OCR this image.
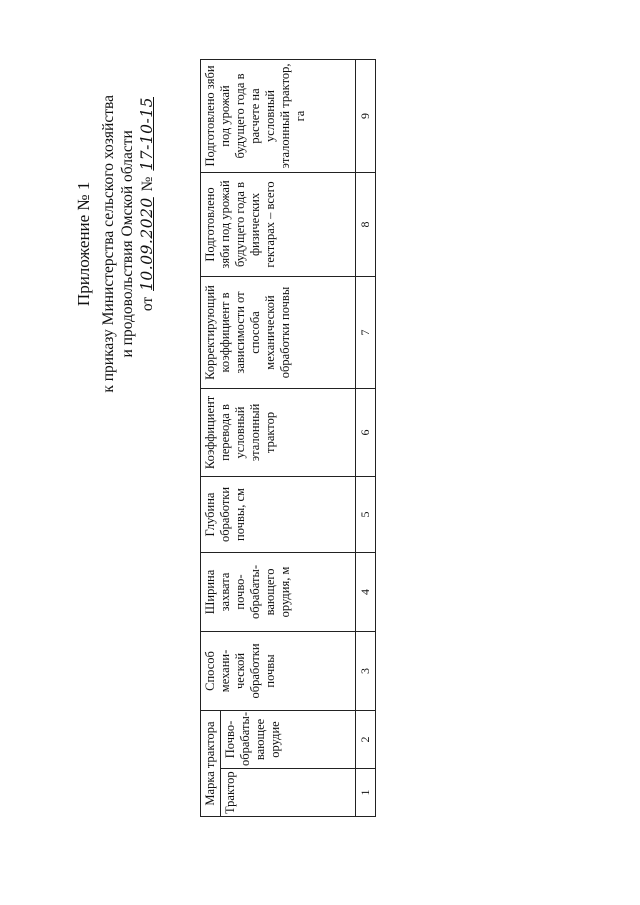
Приложение № 1 к приказу Министерства сельского хозяйства и продовольствия Омской области от 10.09.2020 № 17-10-15
Марка трактора		Способ механи-ческой обработки почвы	Ширина захвата почво-обрабаты-вающего орудия, м	Глубина обработки почвы, см	Коэффициент перевода в условный эталонный трактор	Корректирующий коэффициент в зависимости от способа механической обработки почвы	Подготовлено зяби под урожай будущего года в физических гектарах – всего	Подготовлено зяби под урожай будущего года в расчете на условный эталонный трактор, га
Трактор	Почво-обрабаты-вающее орудие							
1	2	3	4	5	6	7	8	9
